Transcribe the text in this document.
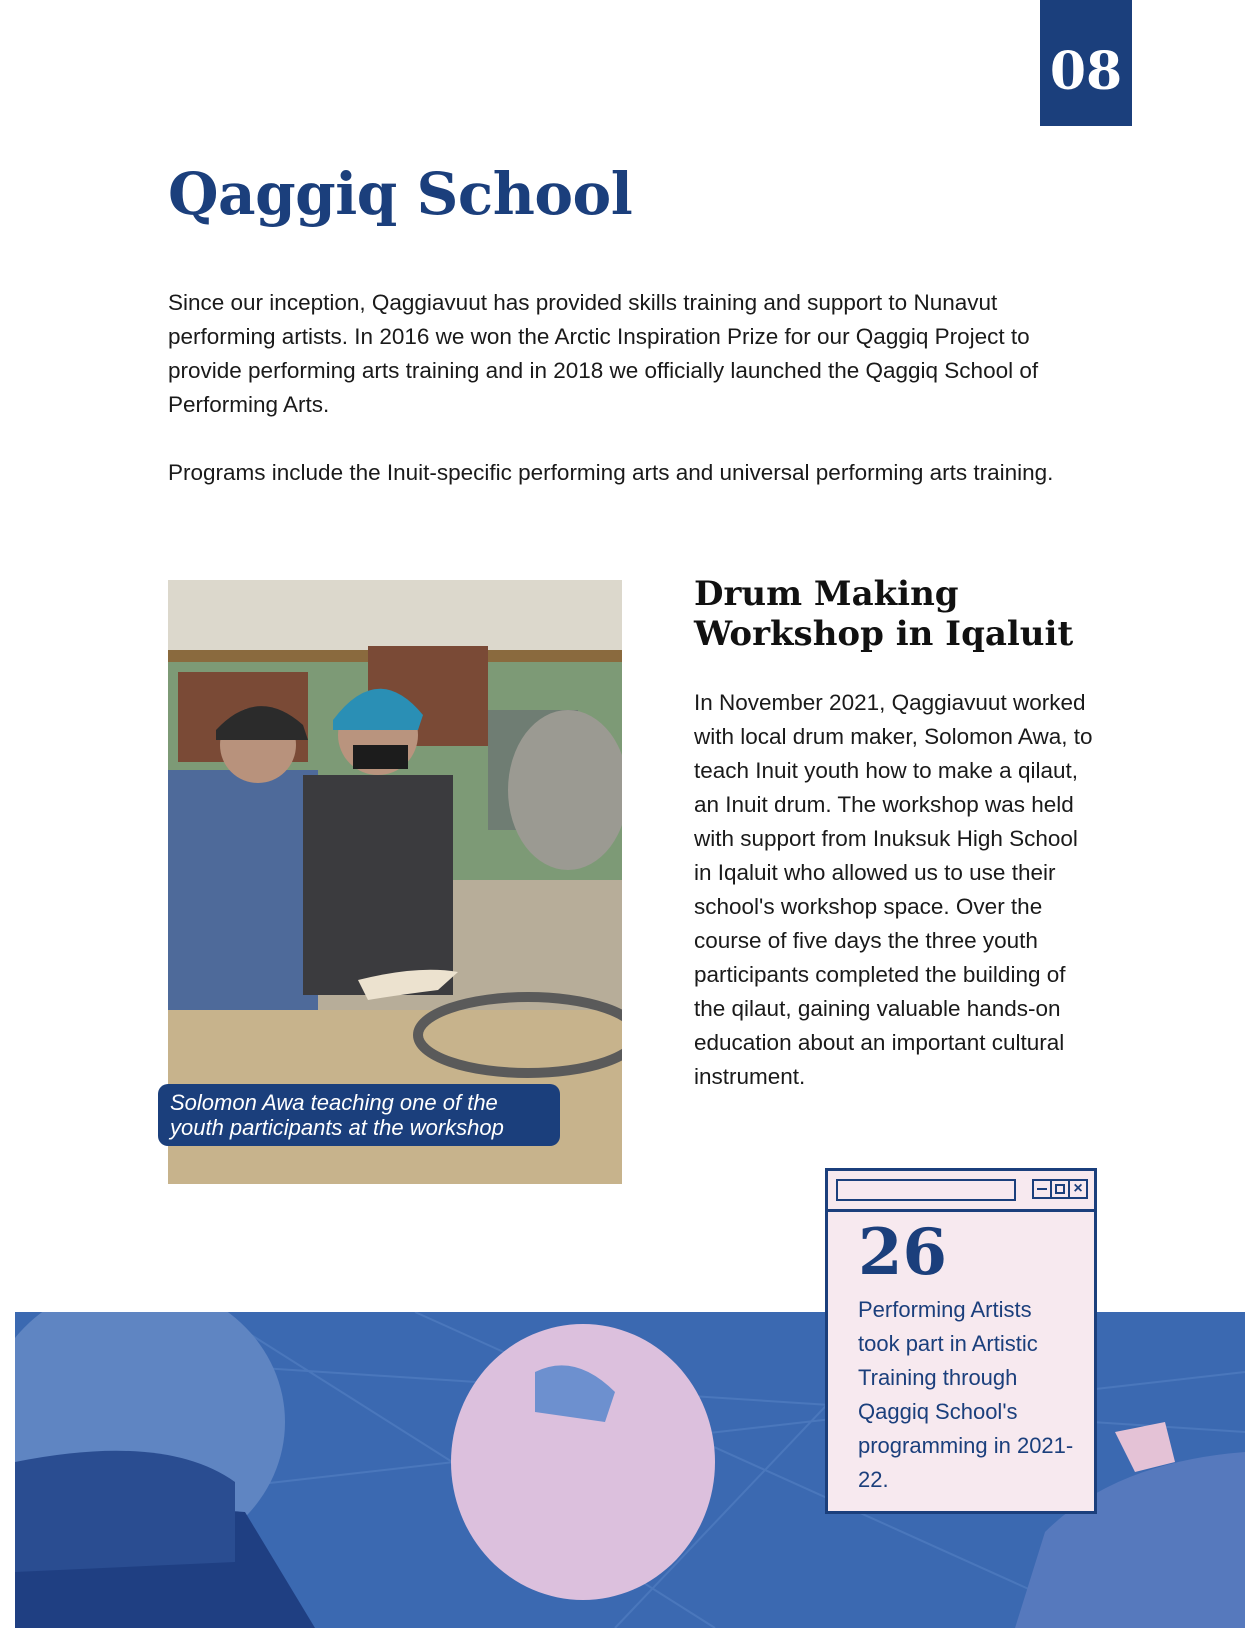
08
Qaggiq School

Since our inception, Qaggiavuut has provided skills training and support to Nunavut performing artists. In 2016 we won the Arctic Inspiration Prize for our Qaggiq Project to provide performing arts training and in 2018 we officially launched the Qaggiq School of Performing Arts.

Programs include the Inuit-specific performing arts and universal performing arts training.

Solomon Awa teaching one of the youth participants at the workshop
Drum Making Workshop in Iqaluit
In November 2021, Qaggiavuut worked with local drum maker, Solomon Awa, to teach Inuit youth how to make a qilaut, an Inuit drum. The workshop was held with support from Inuksuk High School in Iqaluit who allowed us to use their school's workshop space. Over the course of five days the three youth participants completed the building of the qilaut, gaining valuable hands-on education about an important cultural instrument.
×
26
Performing Artists took part in Artistic Training through Qaggiq School's programming in 2021-22.
